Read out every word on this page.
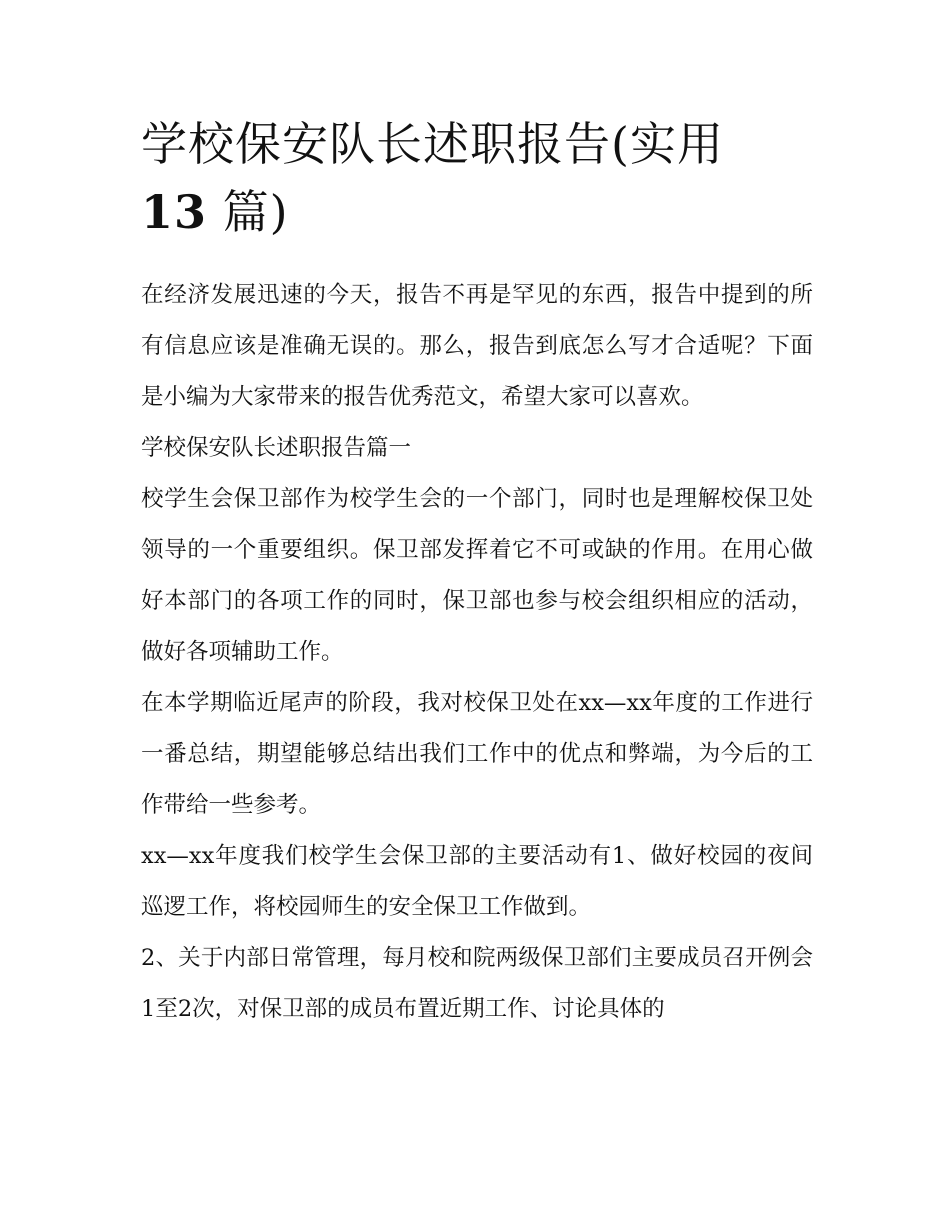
学校保安队长述职报告(实用
13 篇)

在经济发展迅速的今天，报告不再是罕见的东西，报告中提到的所有信息应该是准确无误的。那么，报告到底怎么写才合适呢？下面是小编为大家带来的报告优秀范文，希望大家可以喜欢。

学校保安队长述职报告篇一

校学生会保卫部作为校学生会的一个部门，同时也是理解校保卫处领导的一个重要组织。保卫部发挥着它不可或缺的作用。在用心做好本部门的各项工作的同时，保卫部也参与校会组织相应的活动，做好各项辅助工作。

在本学期临近尾声的阶段，我对校保卫处在xx—xx年度的工作进行一番总结，期望能够总结出我们工作中的优点和弊端，为今后的工作带给一些参考。

xx—xx年度我们校学生会保卫部的主要活动有1、做好校园的夜间巡逻工作，将校园师生的安全保卫工作做到。

2、关于内部日常管理，每月校和院两级保卫部们主要成员召开例会1至2次，对保卫部的成员布置近期工作、讨论具体的
